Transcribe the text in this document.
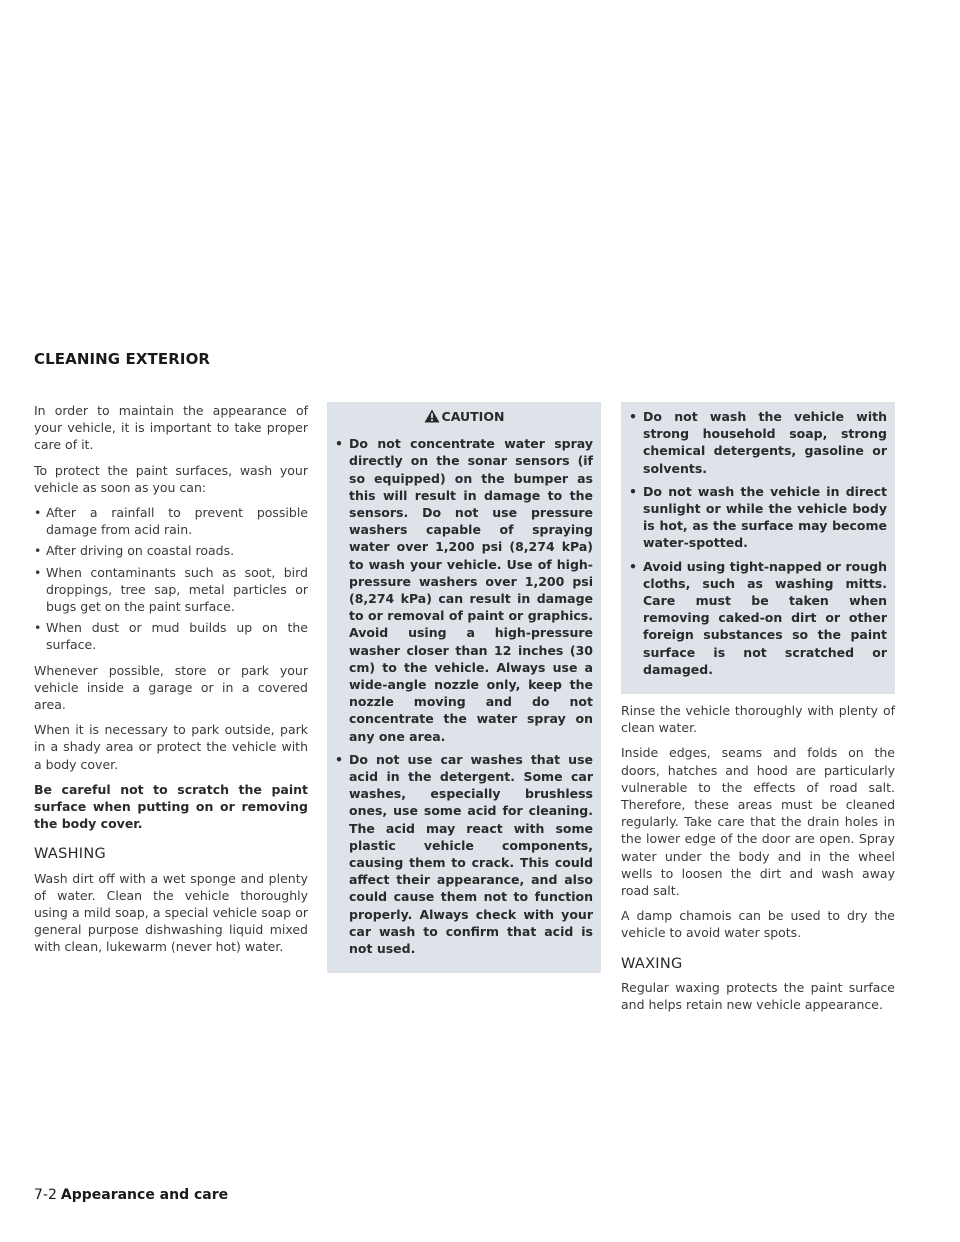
CLEANING EXTERIOR

In order to maintain the appearance of your vehicle, it is important to take proper care of it.

To protect the paint surfaces, wash your vehicle as soon as you can:

• After a rainfall to prevent possible damage from acid rain.
• After driving on coastal roads.
• When contaminants such as soot, bird droppings, tree sap, metal particles or bugs get on the paint surface.
• When dust or mud builds up on the surface.

Whenever possible, store or park your vehicle inside a garage or in a covered area.

When it is necessary to park outside, park in a shady area or protect the vehicle with a body cover.

Be careful not to scratch the paint surface when putting on or removing the body cover.

WASHING

Wash dirt off with a wet sponge and plenty of water. Clean the vehicle thoroughly using a mild soap, a special vehicle soap or general purpose dishwashing liquid mixed with clean, lukewarm (never hot) water.

CAUTION
• Do not concentrate water spray directly on the sonar sensors (if so equipped) on the bumper as this will result in damage to the sensors. Do not use pressure washers capable of spraying water over 1,200 psi (8,274 kPa) to wash your vehicle. Use of high-pressure washers over 1,200 psi (8,274 kPa) can result in damage to or removal of paint or graphics. Avoid using a high-pressure washer closer than 12 inches (30 cm) to the vehicle. Always use a wide-angle nozzle only, keep the nozzle moving and do not concentrate the water spray on any one area.
• Do not use car washes that use acid in the detergent. Some car washes, especially brushless ones, use some acid for cleaning. The acid may react with some plastic vehicle components, causing them to crack. This could affect their appearance, and also could cause them not to function properly. Always check with your car wash to confirm that acid is not used.
• Do not wash the vehicle with strong household soap, strong chemical detergents, gasoline or solvents.
• Do not wash the vehicle in direct sunlight or while the vehicle body is hot, as the surface may become water-spotted.
• Avoid using tight-napped or rough cloths, such as washing mitts. Care must be taken when removing caked-on dirt or other foreign substances so the paint surface is not scratched or damaged.

Rinse the vehicle thoroughly with plenty of clean water.

Inside edges, seams and folds on the doors, hatches and hood are particularly vulnerable to the effects of road salt. Therefore, these areas must be cleaned regularly. Take care that the drain holes in the lower edge of the door are open. Spray water under the body and in the wheel wells to loosen the dirt and wash away road salt.

A damp chamois can be used to dry the vehicle to avoid water spots.

WAXING

Regular waxing protects the paint surface and helps retain new vehicle appearance.

7-2 Appearance and care
